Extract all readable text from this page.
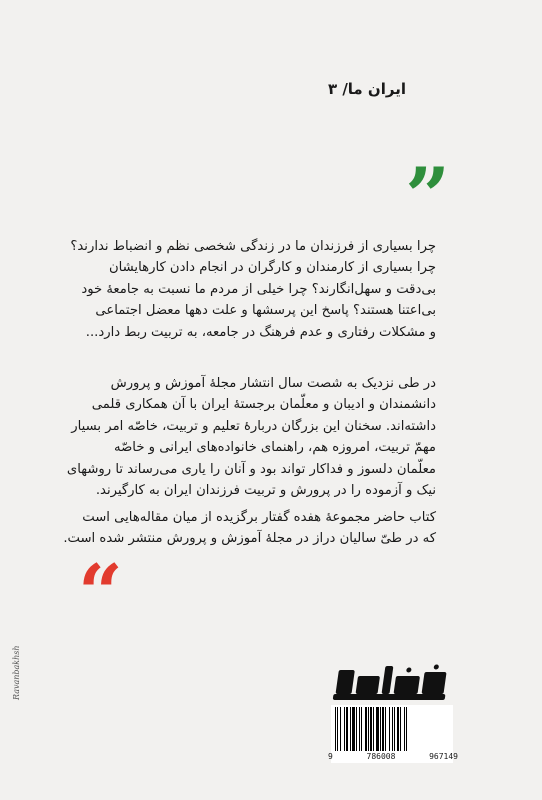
ایران ما/ ۳
”
چرا بسیاری از فرزندان ما در زندگی شخصی نظم و انضباط ندارند؟
چرا بسیاری از کارمندان و کارگران در انجام دادن کارهایشان
بی‌دقت و سهل‌انگارند؟ چرا خیلی از مردم ما نسبت به جامعهٔ خود
بی‌اعتنا هستند؟ پاسخ این پرسشها و علت دهها معضل اجتماعی
و مشکلات رفتاری و عدم فرهنگ در جامعه، به تربیت ربط دارد...
در طی نزدیک به شصت سال انتشار مجلهٔ آموزش و پرورش
دانشمندان و ادیبان و معلّمان برجستهٔ ایران با آن همکاری قلمی
داشته‌اند. سخنان این بزرگان دربارهٔ تعلیم و تربیت، خاصّه امر بسیار
مهمّ تربیت، امروزه هم، راهنمای خانواده‌های ایرانی و خاصّه
معلّمان دلسوز و فداکار تواند بود و آنان را یاری می‌رساند تا روشهای
نیک و آزموده را در پرورش و تربیت فرزندان ایران به کارگیرند.
کتاب حاضر مجموعهٔ هفده گفتار برگزیده از میان مقاله‌هایی است
که در طیّ سالیان دراز در مجلهٔ آموزش و پرورش منتشر شده است.
“
9	786008	967149
Ravanbakhsh
